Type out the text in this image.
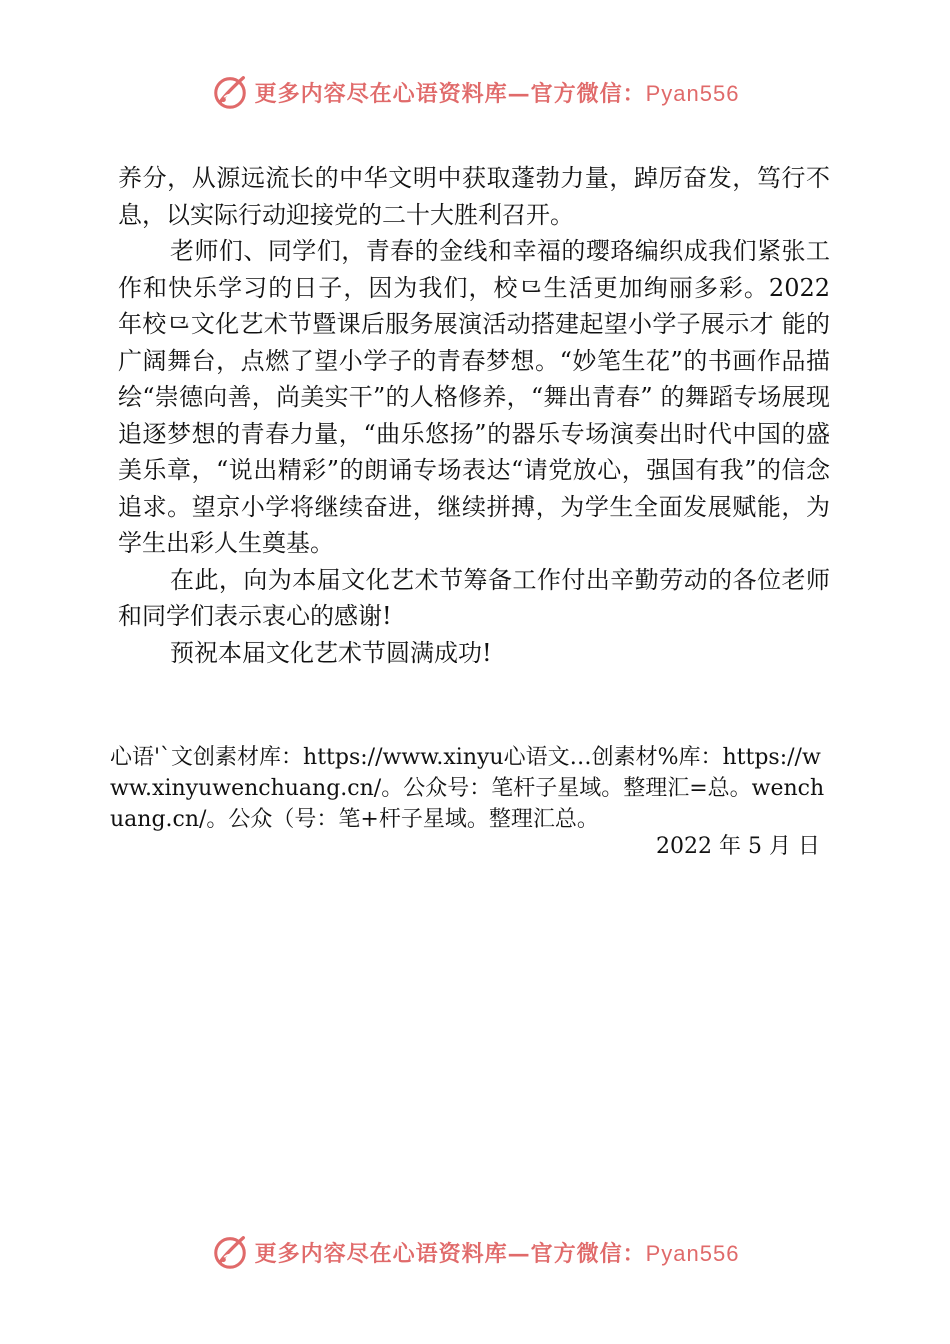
更多内容尽在心语资料库—官方微信：Pyan556

养分，从源远流长的中华文明中获取蓬勃力量，踔厉奋发，笃行不息，以实际行动迎接党的二十大胜利召开。

老师们、同学们，青春的金线和幸福的璎珞编织成我们紧张工作和快乐学习的日子，因为我们，校⺋生活更加绚丽多彩。2022 年校⺋文化艺术节暨课后服务展演活动搭建起望小学子展示才 能的广阔舞台，点燃了望小学子的青春梦想。“妙笔生花”的书画作品描绘“崇德向善，尚美实干”的人格修养，“舞出青春” 的舞蹈专场展现追逐梦想的青春力量，“曲乐悠扬”的器乐专场演奏出时代中国的盛美乐章，“说出精彩”的朗诵专场表达“请党放心，强国有我”的信念追求。望京小学将继续奋进，继续拼搏，为学生全面发展赋能，为学生出彩人生奠基。

在此，向为本届文化艺术节筹备工作付出辛勤劳动的各位老师和同学们表示衷心的感谢!

预祝本届文化艺术节圆满成功!

心语'`文创素材库：https://www.xinyu心语文…创素材%库：https://www.xinyuwenchuang.cn/。公众号：笔杆子星域。整理汇=总。wenchuang.cn/。公众（号：笔+杆子星域。整理汇总。

2022 年 5 月 日
更多内容尽在心语资料库—官方微信：Pyan556
